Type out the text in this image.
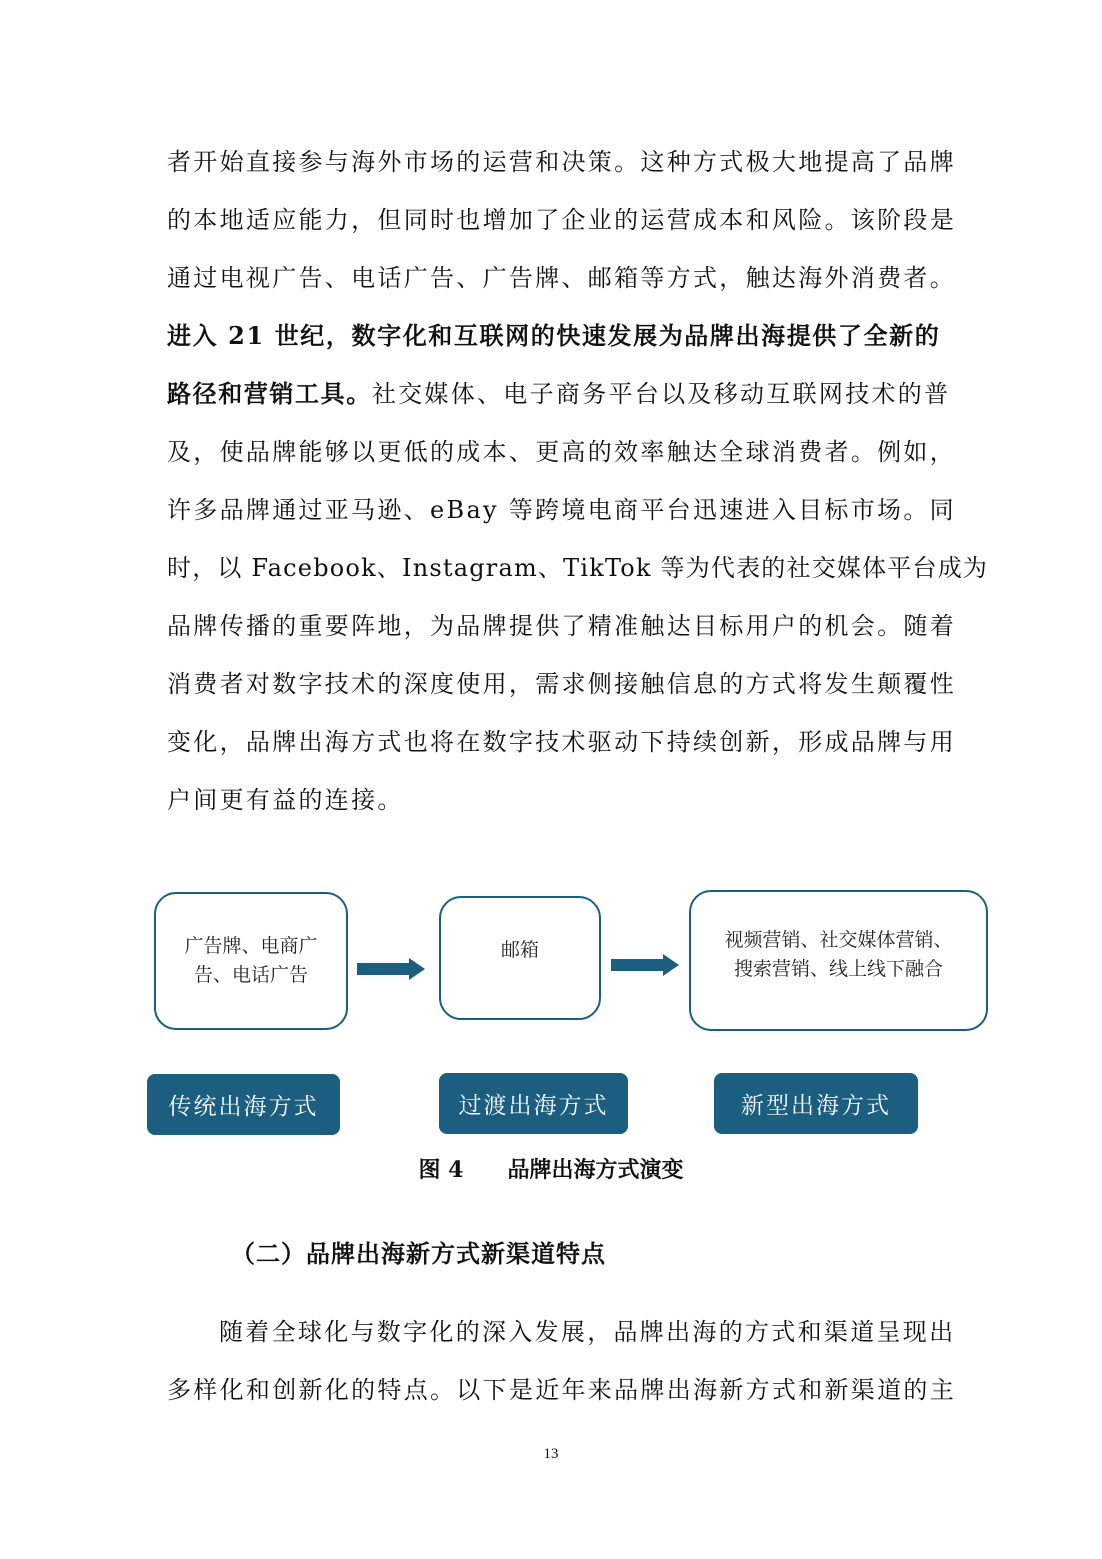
者开始直接参与海外市场的运营和决策。这种方式极大地提高了品牌
的本地适应能力，但同时也增加了企业的运营成本和风险。该阶段是
通过电视广告、电话广告、广告牌、邮箱等方式，触达海外消费者。
进入 21 世纪，数字化和互联网的快速发展为品牌出海提供了全新的
路径和营销工具。社交媒体、电子商务平台以及移动互联网技术的普
及，使品牌能够以更低的成本、更高的效率触达全球消费者。例如，
许多品牌通过亚马逊、eBay 等跨境电商平台迅速进入目标市场。同
时，以 Facebook、Instagram、TikTok 等为代表的社交媒体平台成为
品牌传播的重要阵地，为品牌提供了精准触达目标用户的机会。随着
消费者对数字技术的深度使用，需求侧接触信息的方式将发生颠覆性
变化，品牌出海方式也将在数字技术驱动下持续创新，形成品牌与用
户间更有益的连接。
广告牌、电商广
告、电话广告
邮箱	视频营销、社交媒体营销、
搜索营销、线上线下融合
传统出海方式	过渡出海方式	新型出海方式
图 4 品牌出海方式演变
（二）品牌出海新方式新渠道特点
随着全球化与数字化的深入发展，品牌出海的方式和渠道呈现出
多样化和创新化的特点。以下是近年来品牌出海新方式和新渠道的主
13
